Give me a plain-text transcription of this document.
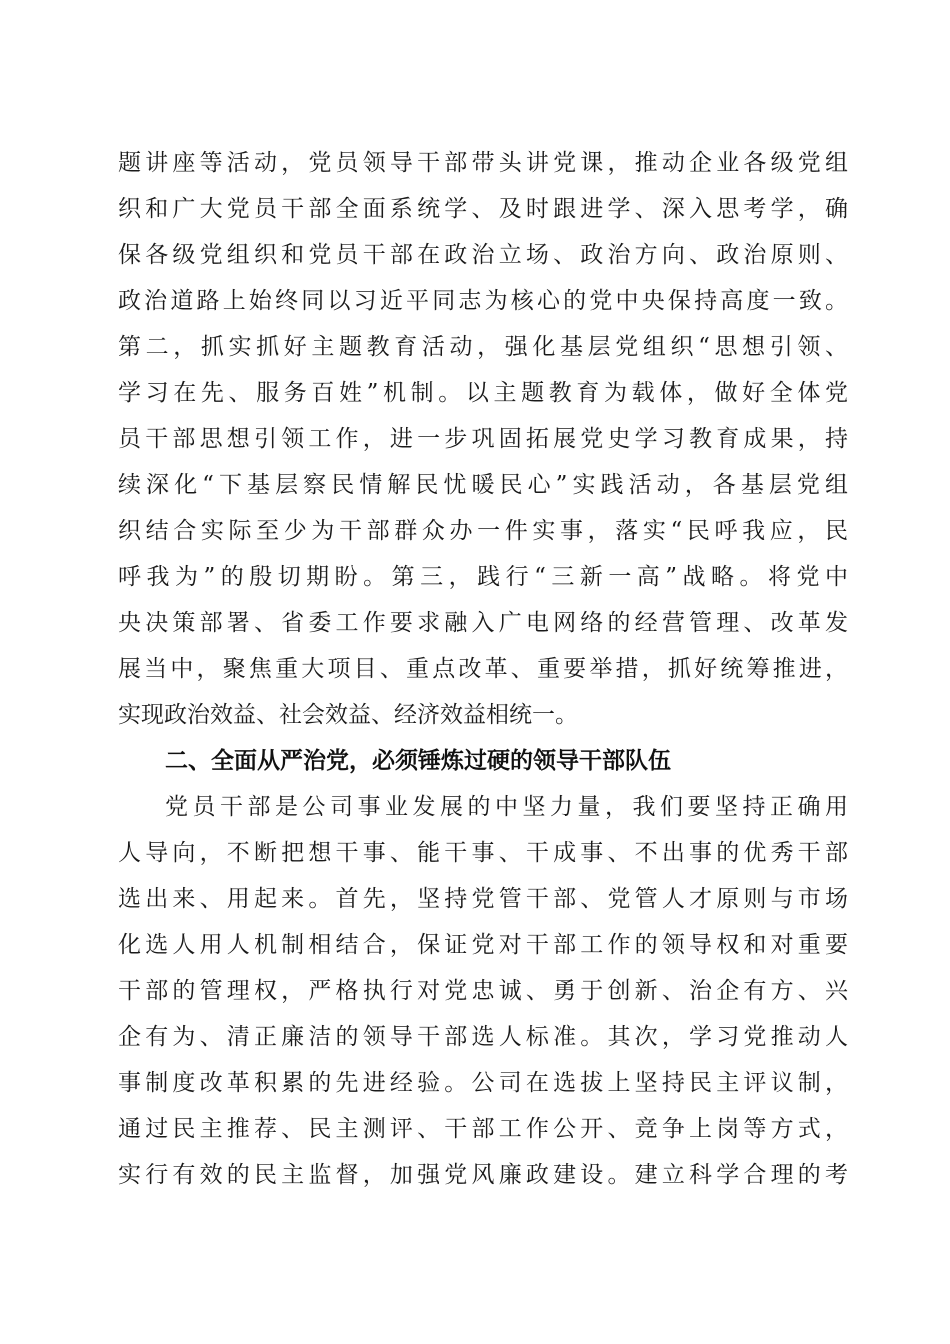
题讲座等活动，党员领导干部带头讲党课，推动企业各级党组
织和广大党员干部全面系统学、及时跟进学、深入思考学，确
保各级党组织和党员干部在政治立场、政治方向、政治原则、
政治道路上始终同以习近平同志为核心的党中央保持高度一致。
第二，抓实抓好主题教育活动，强化基层党组织“思想引领、
学习在先、服务百姓”机制。以主题教育为载体，做好全体党
员干部思想引领工作，进一步巩固拓展党史学习教育成果，持
续深化“下基层察民情解民忧暖民心”实践活动，各基层党组
织结合实际至少为干部群众办一件实事，落实“民呼我应，民
呼我为”的殷切期盼。第三，践行“三新一高”战略。将党中
央决策部署、省委工作要求融入广电网络的经营管理、改革发
展当中，聚焦重大项目、重点改革、重要举措，抓好统筹推进，
实现政治效益、社会效益、经济效益相统一。
二、全面从严治党，必须锤炼过硬的领导干部队伍
党员干部是公司事业发展的中坚力量，我们要坚持正确用
人导向，不断把想干事、能干事、干成事、不出事的优秀干部
选出来、用起来。首先，坚持党管干部、党管人才原则与市场
化选人用人机制相结合，保证党对干部工作的领导权和对重要
干部的管理权，严格执行对党忠诚、勇于创新、治企有方、兴
企有为、清正廉洁的领导干部选人标准。其次，学习党推动人
事制度改革积累的先进经验。公司在选拔上坚持民主评议制，
通过民主推荐、民主测评、干部工作公开、竞争上岗等方式，
实行有效的民主监督，加强党风廉政建设。建立科学合理的考
